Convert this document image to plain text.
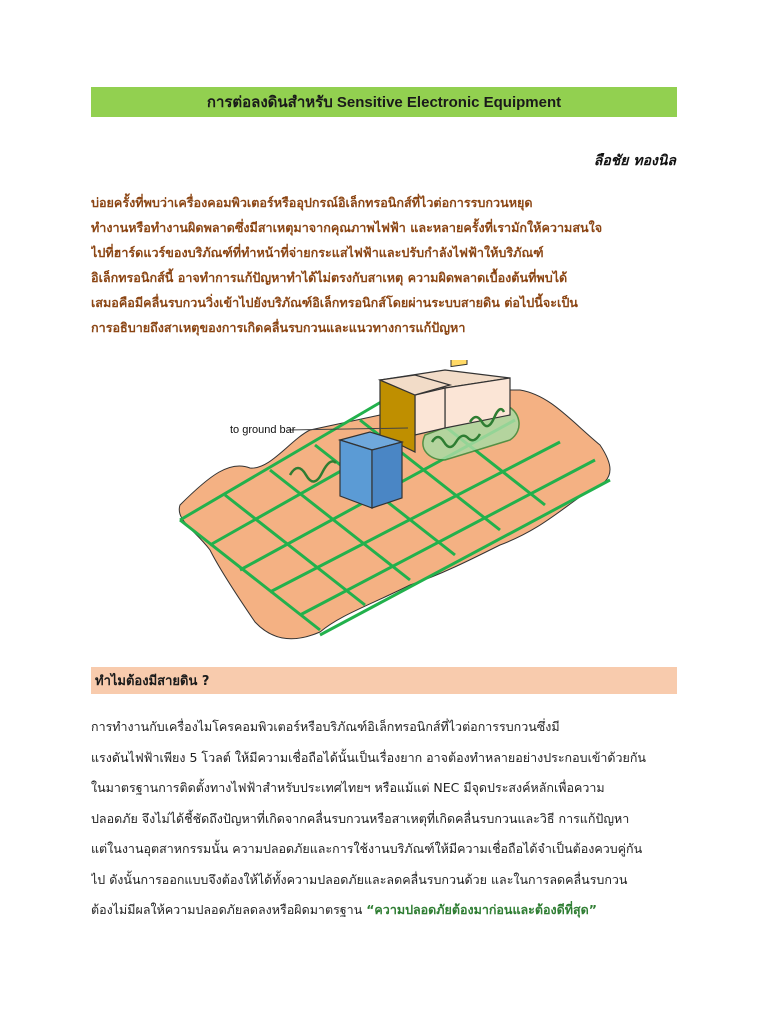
การต่อลงดินสำหรับ Sensitive Electronic Equipment
ลือชัย ทองนิล
บ่อยครั้งที่พบว่าเครื่องคอมพิวเตอร์หรืออุปกรณ์อิเล็กทรอนิกส์ที่ไวต่อการรบกวนหยุด
ทำงานหรือทำงานผิดพลาดซึ่งมีสาเหตุมาจากคุณภาพไฟฟ้า และหลายครั้งที่เรามักให้ความสนใจ
ไปที่ฮาร์ดแวร์ของบริภัณฑ์ที่ทำหน้าที่จ่ายกระแสไฟฟ้าและปรับกำลังไฟฟ้าให้บริภัณฑ์
อิเล็กทรอนิกส์นี้ อาจทำการแก้ปัญหาทำได้ไม่ตรงกับสาเหตุ ความผิดพลาดเบื้องต้นที่พบได้
เสมอคือมีคลื่นรบกวนวิ่งเข้าไปยังบริภัณฑ์อิเล็กทรอนิกส์โดยผ่านระบบสายดิน ต่อไปนี้จะเป็น
การอธิบายถึงสาเหตุของการเกิดคลื่นรบกวนและแนวทางการแก้ปัญหา
to ground bar
ทำไมต้องมีสายดิน ?
การทำงานกับเครื่องไมโครคอมพิวเตอร์หรือบริภัณฑ์อิเล็กทรอนิกส์ที่ไวต่อการรบกวนซึ่งมี
แรงดันไฟฟ้าเพียง 5 โวลต์ ให้มีความเชื่อถือได้นั้นเป็นเรื่องยาก อาจต้องทำหลายอย่างประกอบเข้าด้วยกัน
ในมาตรฐานการติดตั้งทางไฟฟ้าสำหรับประเทศไทยฯ หรือแม้แต่ NEC มีจุดประสงค์หลักเพื่อความ
ปลอดภัย จึงไม่ได้ชี้ชัดถึงปัญหาที่เกิดจากคลื่นรบกวนหรือสาเหตุที่เกิดคลื่นรบกวนและวิธี การแก้ปัญหา
แต่ในงานอุตสาหกรรมนั้น ความปลอดภัยและการใช้งานบริภัณฑ์ให้มีความเชื่อถือได้จำเป็นต้องควบคู่กัน
ไป ดังนั้นการออกแบบจึงต้องให้ได้ทั้งความปลอดภัยและลดคลื่นรบกวนด้วย และในการลดคลื่นรบกวน
ต้องไม่มีผลให้ความปลอดภัยลดลงหรือผิดมาตรฐาน “ความปลอดภัยต้องมาก่อนและต้องดีที่สุด”
